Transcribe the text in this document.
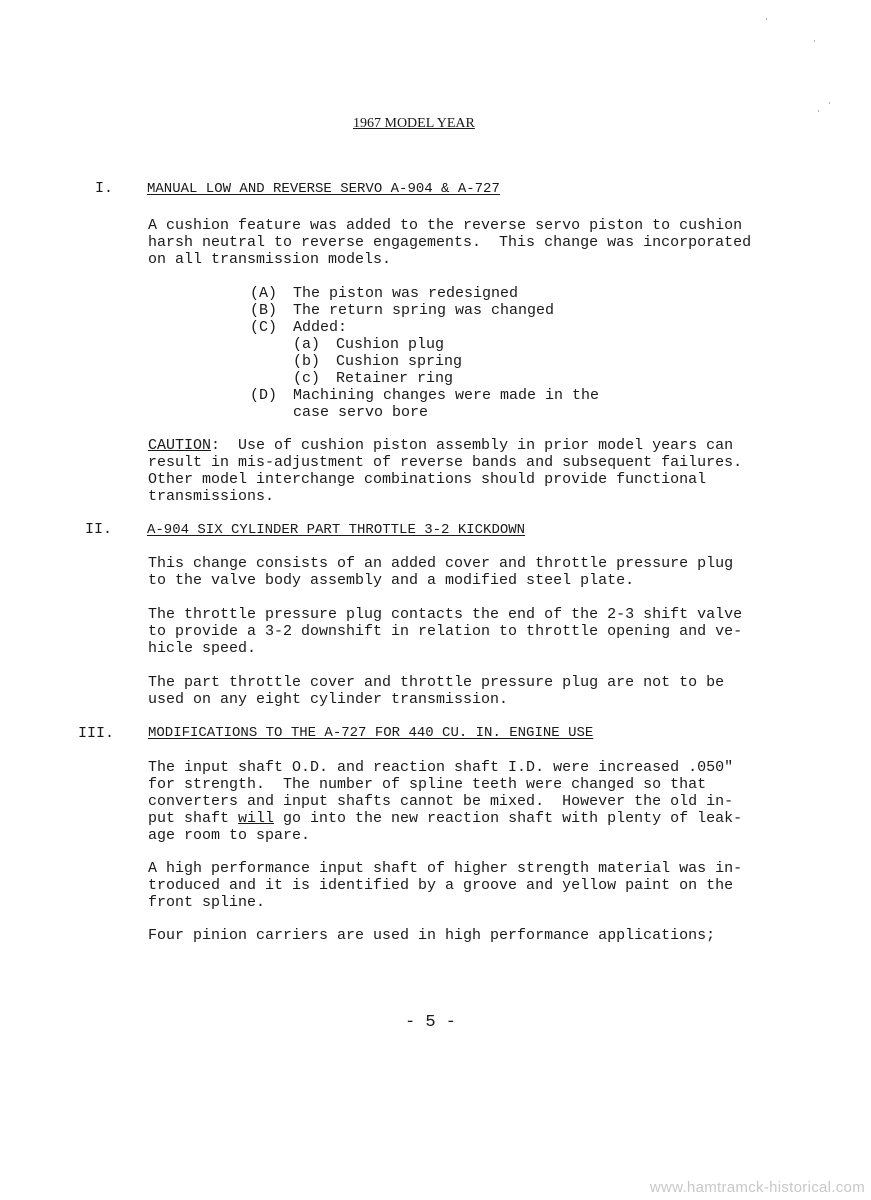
1967 MODEL YEAR
I. MANUAL LOW AND REVERSE SERVO A-904 & A-727
A cushion feature was added to the reverse servo piston to cushion
harsh neutral to reverse engagements.  This change was incorporated
on all transmission models.
(A) The piston was redesigned
(B) The return spring was changed
(C) Added:
(a) Cushion plug
(b) Cushion spring
(c) Retainer ring
(D) Machining changes were made in the
case servo bore
CAUTION:  Use of cushion piston assembly in prior model years can
result in mis-adjustment of reverse bands and subsequent failures.
Other model interchange combinations should provide functional
transmissions.
II. A-904 SIX CYLINDER PART THROTTLE 3-2 KICKDOWN
This change consists of an added cover and throttle pressure plug
to the valve body assembly and a modified steel plate.
The throttle pressure plug contacts the end of the 2-3 shift valve
to provide a 3-2 downshift in relation to throttle opening and ve-
hicle speed.
The part throttle cover and throttle pressure plug are not to be
used on any eight cylinder transmission.
III. MODIFICATIONS TO THE A-727 FOR 440 CU. IN. ENGINE USE
The input shaft O.D. and reaction shaft I.D. were increased .050"
for strength.  The number of spline teeth were changed so that
converters and input shafts cannot be mixed.  However the old in-
put shaft will go into the new reaction shaft with plenty of leak-
age room to spare.
A high performance input shaft of higher strength material was in-
troduced and it is identified by a groove and yellow paint on the
front spline.
Four pinion carriers are used in high performance applications;
- 5 -
www.hamtramck-historical.com
